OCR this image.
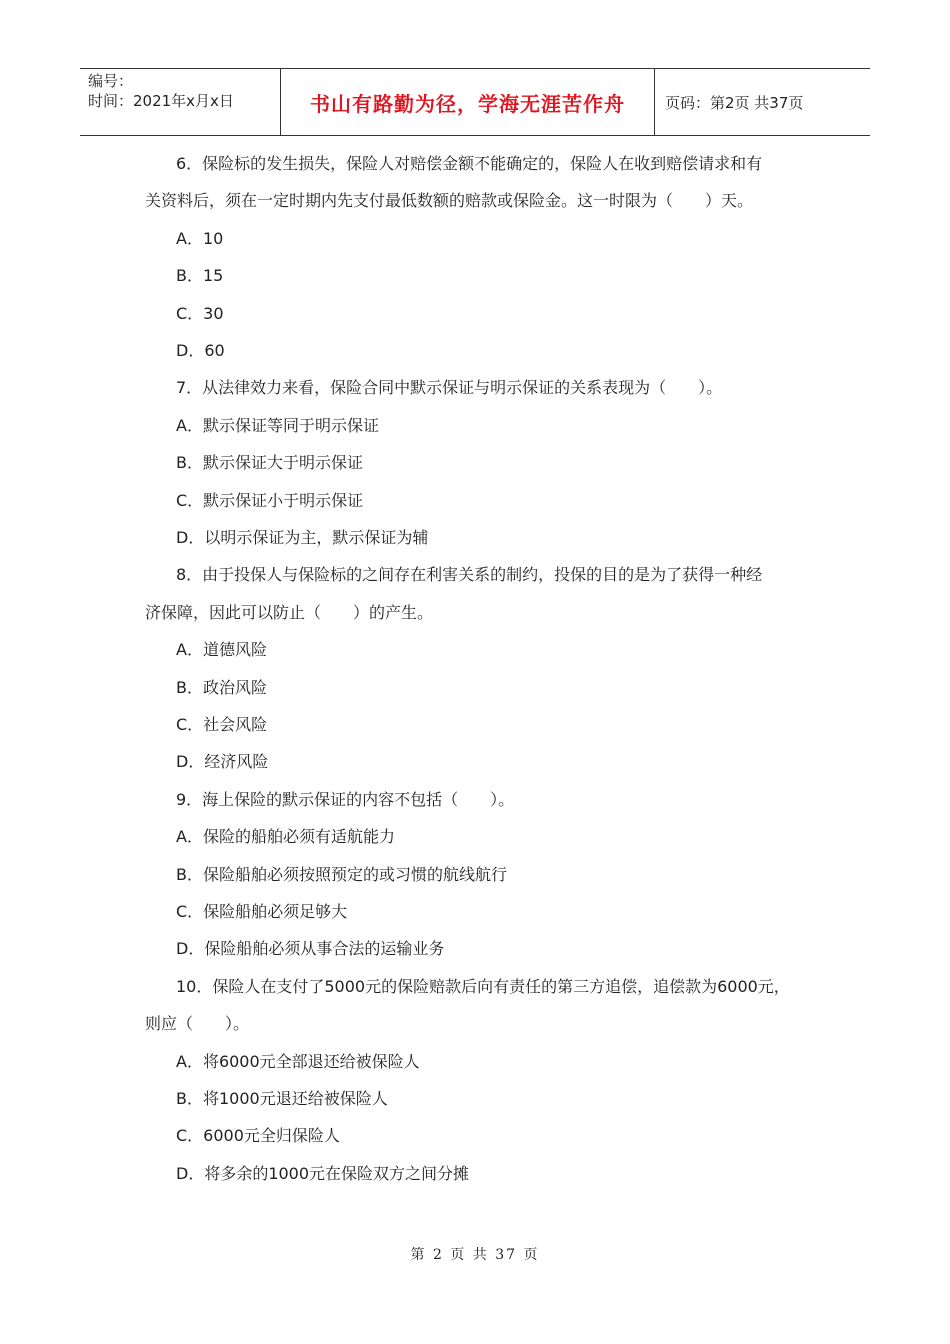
编号：
时间：2021年x月x日	书山有路勤为径，学海无涯苦作舟	页码：第2页 共37页
6．保险标的发生损失，保险人对赔偿金额不能确定的，保险人在收到赔偿请求和有
关资料后，须在一定时期内先支付最低数额的赔款或保险金。这一时限为（　　）天。
A．10
B．15
C．30
D．60
7．从法律效力来看，保险合同中默示保证与明示保证的关系表现为（　　）。
A．默示保证等同于明示保证
B．默示保证大于明示保证
C．默示保证小于明示保证
D．以明示保证为主，默示保证为辅
8．由于投保人与保险标的之间存在利害关系的制约，投保的目的是为了获得一种经
济保障，因此可以防止（　　）的产生。
A．道德风险
B．政治风险
C．社会风险
D．经济风险
9．海上保险的默示保证的内容不包括（　　）。
A．保险的船舶必须有适航能力
B．保险船舶必须按照预定的或习惯的航线航行
C．保险船舶必须足够大
D．保险船舶必须从事合法的运输业务
10．保险人在支付了5000元的保险赔款后向有责任的第三方追偿，追偿款为6000元，
则应（　　）。
A．将6000元全部退还给被保险人
B．将1000元退还给被保险人
C．6000元全归保险人
D．将多余的1000元在保险双方之间分摊
第 2 页 共 37 页
